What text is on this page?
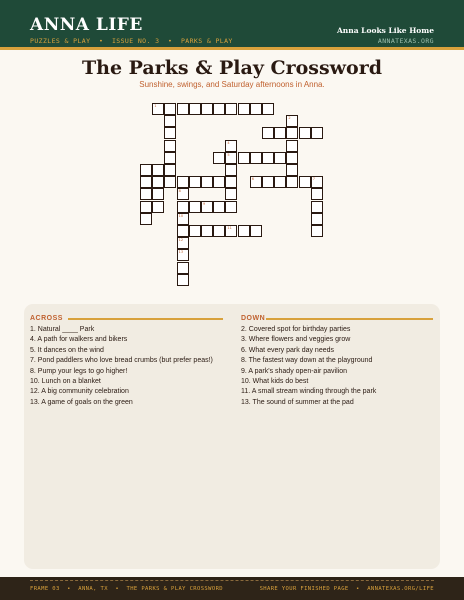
ANNA LIFE
PUZZLES & PLAY  •  ISSUE NO. 3  •  PARKS & PLAY
Anna Looks Like Home
ANNATEXAS.ORG
The Parks & Play Crossword
Sunshine, swings, and Saturday afternoons in Anna.
1
2
4
5
6	7
8
9
10
11
12
13
ACROSS	DOWN
1. Natural ____ Park
4. A path for walkers and bikers
5. It dances on the wind
7. Pond paddlers who love bread crumbs (but prefer peas!)
8. Pump your legs to go higher!
10. Lunch on a blanket
12. A big community celebration
13. A game of goals on the green
2. Covered spot for birthday parties
3. Where flowers and veggies grow
6. What every park day needs
8. The fastest way down at the playground
9. A park's shady open-air pavilion
10. What kids do best
11. A small stream winding through the park
13. The sound of summer at the pad
FRAME 03  •  ANNA, TX  •  THE PARKS & PLAY CROSSWORD	SHARE YOUR FINISHED PAGE  •  ANNATEXAS.ORG/LIFE
